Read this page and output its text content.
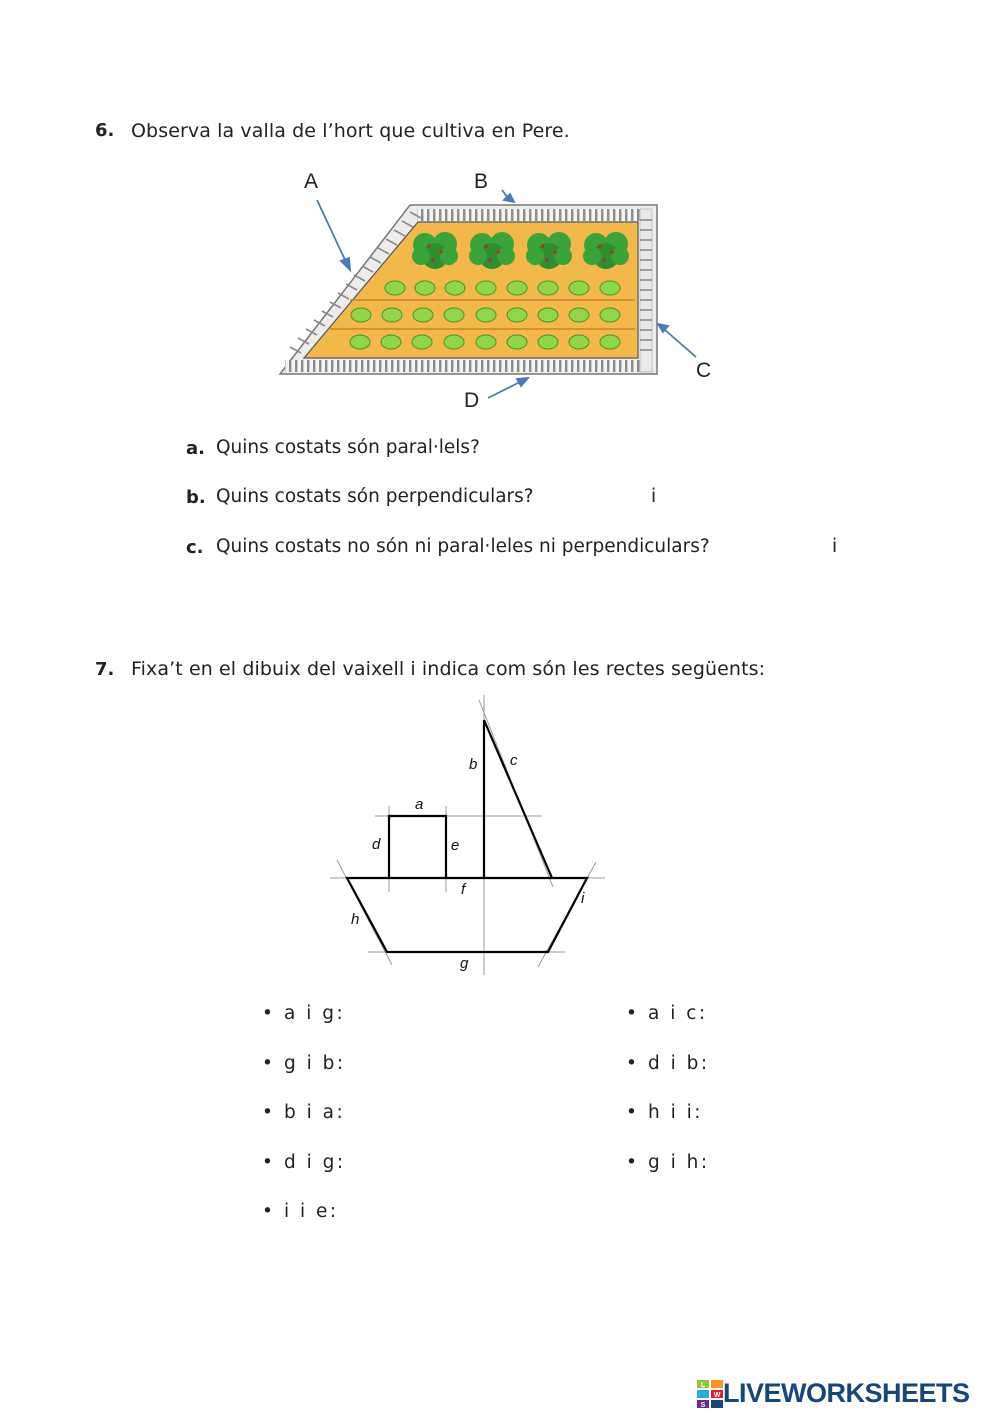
6. Observa la valla de l’hort que cultiva en Pere.
A	B
C
D
a. Quins costats són paral·lels?
b. Quins costats són perpendiculars?	i
c. Quins costats no són ni paral·leles ni perpendiculars?	i
7. Fixa’t en el dibuix del vaixell i indica com són les rectes següents:
a
b c
d	e
f
g
h
i
• a i g:
• g i b:
• b i a:
• d i g:
• i i e:
• a i c:
• d i b:
• h i i:
• g i h:
L
W
S LIVEWORKSHEETS
